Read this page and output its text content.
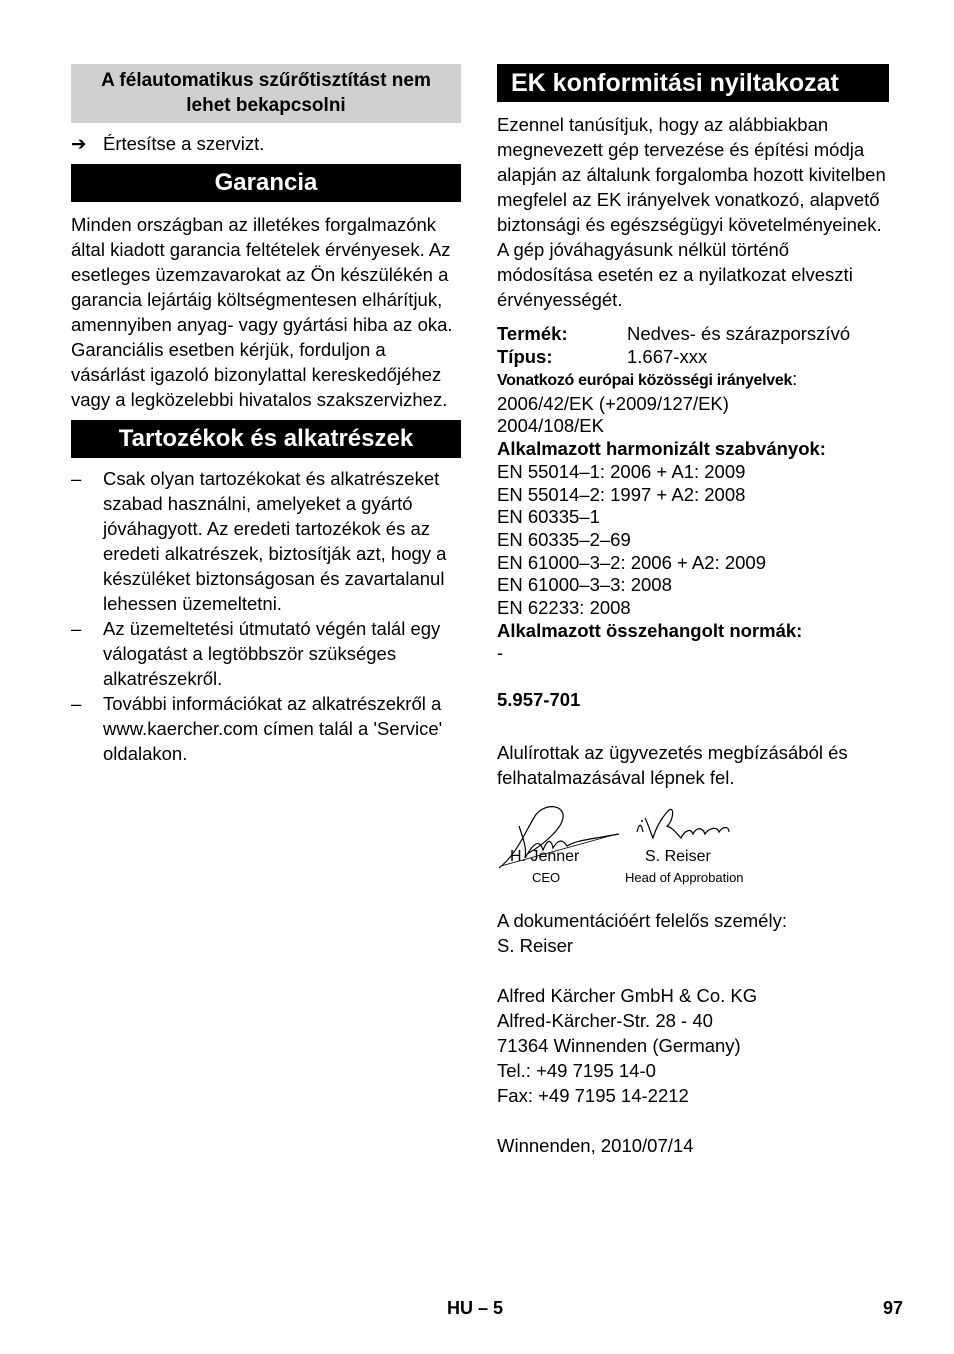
A félautomatikus szűrőtisztítást nem lehet bekapcsolni
➔ Értesítse a szervizt.
Garancia
Minden országban az illetékes forgalmazónk által kiadott garancia feltételek érvényesek. Az esetleges üzemzavarokat az Ön készülékén a garancia lejártáig költségmentesen elhárítjuk, amennyiben anyag- vagy gyártási hiba az oka. Garanciális esetben kérjük, forduljon a vásárlást igazoló bizonylattal kereskedőjéhez vagy a legközelebbi hivatalos szakszervizhez.
Tartozékok és alkatrészek
–	Csak olyan tartozékokat és alkatrészeket szabad használni, amelyeket a gyártó jóváhagyott. Az eredeti tartozékok és az eredeti alkatrészek, biztosítják azt, hogy a készüléket biztonságosan és zavartalanul lehessen üzemeltetni.
–	Az üzemeltetési útmutató végén talál egy válogatást a legtöbbször szükséges alkatrészekről.
–	További információkat az alkatrészekről a www.kaercher.com címen talál a 'Service' oldalakon.
EK konformitási nyiltakozat
Ezennel tanúsítjuk, hogy az alábbiakban megnevezett gép tervezése és építési módja alapján az általunk forgalomba hozott kivitelben megfelel az EK irányelvek vonatkozó, alapvető biztonsági és egészségügyi követelményeinek. A gép jóváhagyásunk nélkül történő módosítása esetén ez a nyilatkozat elveszti érvényességét.
Termék:	Nedves- és szárazporszívó
Típus:	1.667-xxx
Vonatkozó európai közösségi irányelvek:
2006/42/EK (+2009/127/EK)
2004/108/EK
Alkalmazott harmonizált szabványok:
EN 55014–1: 2006 + A1: 2009
EN 55014–2: 1997 + A2: 2008
EN 60335–1
EN 60335–2–69
EN 61000–3–2: 2006 + A2: 2009
EN 61000–3–3: 2008
EN 62233: 2008
Alkalmazott összehangolt normák:
-
5.957-701
Alulírottak az ügyvezetés megbízásából és felhatalmazásával lépnek fel.
H. Jenner
CEO
S. Reiser
Head of Approbation
A dokumentációért felelős személy:
S. Reiser
Alfred Kärcher GmbH & Co. KG
Alfred-Kärcher-Str. 28 - 40
71364 Winnenden (Germany)
Tel.: +49 7195 14-0
Fax: +49 7195 14-2212
Winnenden, 2010/07/14
HU – 5	97
